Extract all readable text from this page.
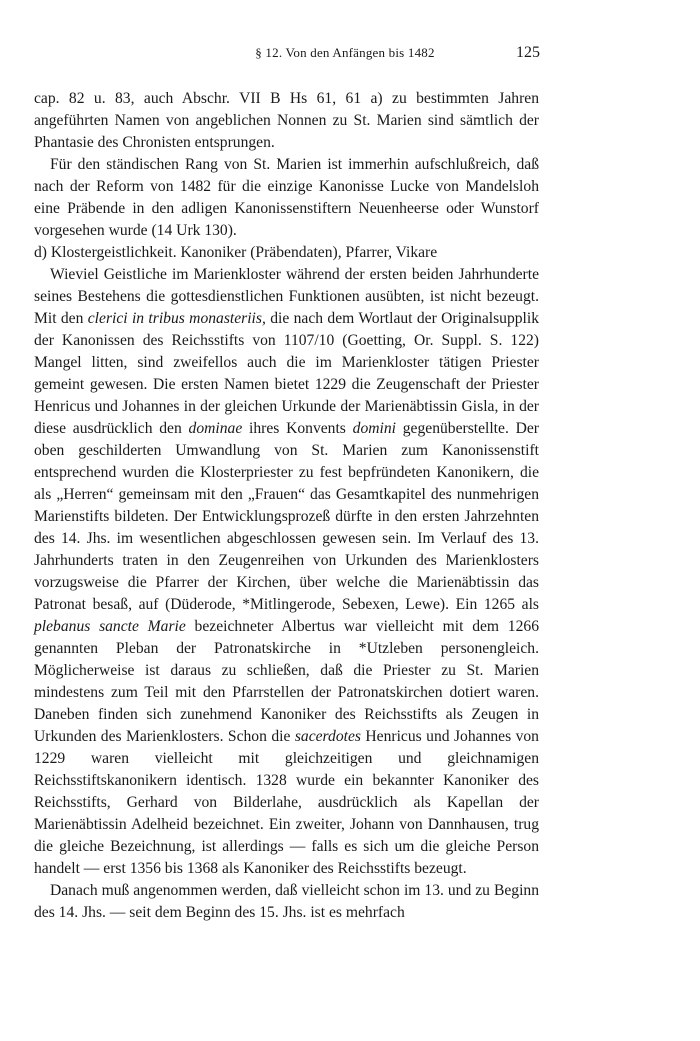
§ 12. Von den Anfängen bis 1482	125

cap. 82 u. 83, auch Abschr. VII B Hs 61, 61 a) zu bestimmten Jahren angeführten Namen von angeblichen Nonnen zu St. Marien sind sämtlich der Phantasie des Chronisten entsprungen.

Für den ständischen Rang von St. Marien ist immerhin aufschlußreich, daß nach der Reform von 1482 für die einzige Kanonisse Lucke von Mandelsloh eine Präbende in den adligen Kanonissenstiftern Neuenheerse oder Wunstorf vorgesehen wurde (14 Urk 130).

d) Klostergeistlichkeit. Kanoniker (Präbendaten), Pfarrer, Vikare

Wieviel Geistliche im Marienkloster während der ersten beiden Jahrhunderte seines Bestehens die gottesdienstlichen Funktionen ausübten, ist nicht bezeugt. Mit den clerici in tribus monasteriis, die nach dem Wortlaut der Originalsupplik der Kanonissen des Reichsstifts von 1107/10 (Goetting, Or. Suppl. S. 122) Mangel litten, sind zweifellos auch die im Marienkloster tätigen Priester gemeint gewesen. Die ersten Namen bietet 1229 die Zeugenschaft der Priester Henricus und Johannes in der gleichen Urkunde der Marienäbtissin Gisla, in der diese ausdrücklich den dominae ihres Konvents domini gegenüberstellte. Der oben geschilderten Umwandlung von St. Marien zum Kanonissenstift entsprechend wurden die Klosterpriester zu fest bepfründeten Kanonikern, die als „Herren“ gemeinsam mit den „Frauen“ das Gesamtkapitel des nunmehrigen Marienstifts bildeten. Der Entwicklungsprozeß dürfte in den ersten Jahrzehnten des 14. Jhs. im wesentlichen abgeschlossen gewesen sein. Im Verlauf des 13. Jahrhunderts traten in den Zeugenreihen von Urkunden des Marienklosters vorzugsweise die Pfarrer der Kirchen, über welche die Marienäbtissin das Patronat besaß, auf (Düderode, *Mitlingerode, Sebexen, Lewe). Ein 1265 als plebanus sancte Marie bezeichneter Albertus war vielleicht mit dem 1266 genannten Pleban der Patronatskirche in *Utzleben personengleich. Möglicherweise ist daraus zu schließen, daß die Priester zu St. Marien mindestens zum Teil mit den Pfarrstellen der Patronatskirchen dotiert waren. Daneben finden sich zunehmend Kanoniker des Reichsstifts als Zeugen in Urkunden des Marienklosters. Schon die sacerdotes Henricus und Johannes von 1229 waren vielleicht mit gleichzeitigen und gleichnamigen Reichsstiftskanonikern identisch. 1328 wurde ein bekannter Kanoniker des Reichsstifts, Gerhard von Bilderlahe, ausdrücklich als Kapellan der Marienäbtissin Adelheid bezeichnet. Ein zweiter, Johann von Dannhausen, trug die gleiche Bezeichnung, ist allerdings — falls es sich um die gleiche Person handelt — erst 1356 bis 1368 als Kanoniker des Reichsstifts bezeugt.

Danach muß angenommen werden, daß vielleicht schon im 13. und zu Beginn des 14. Jhs. — seit dem Beginn des 15. Jhs. ist es mehrfach
